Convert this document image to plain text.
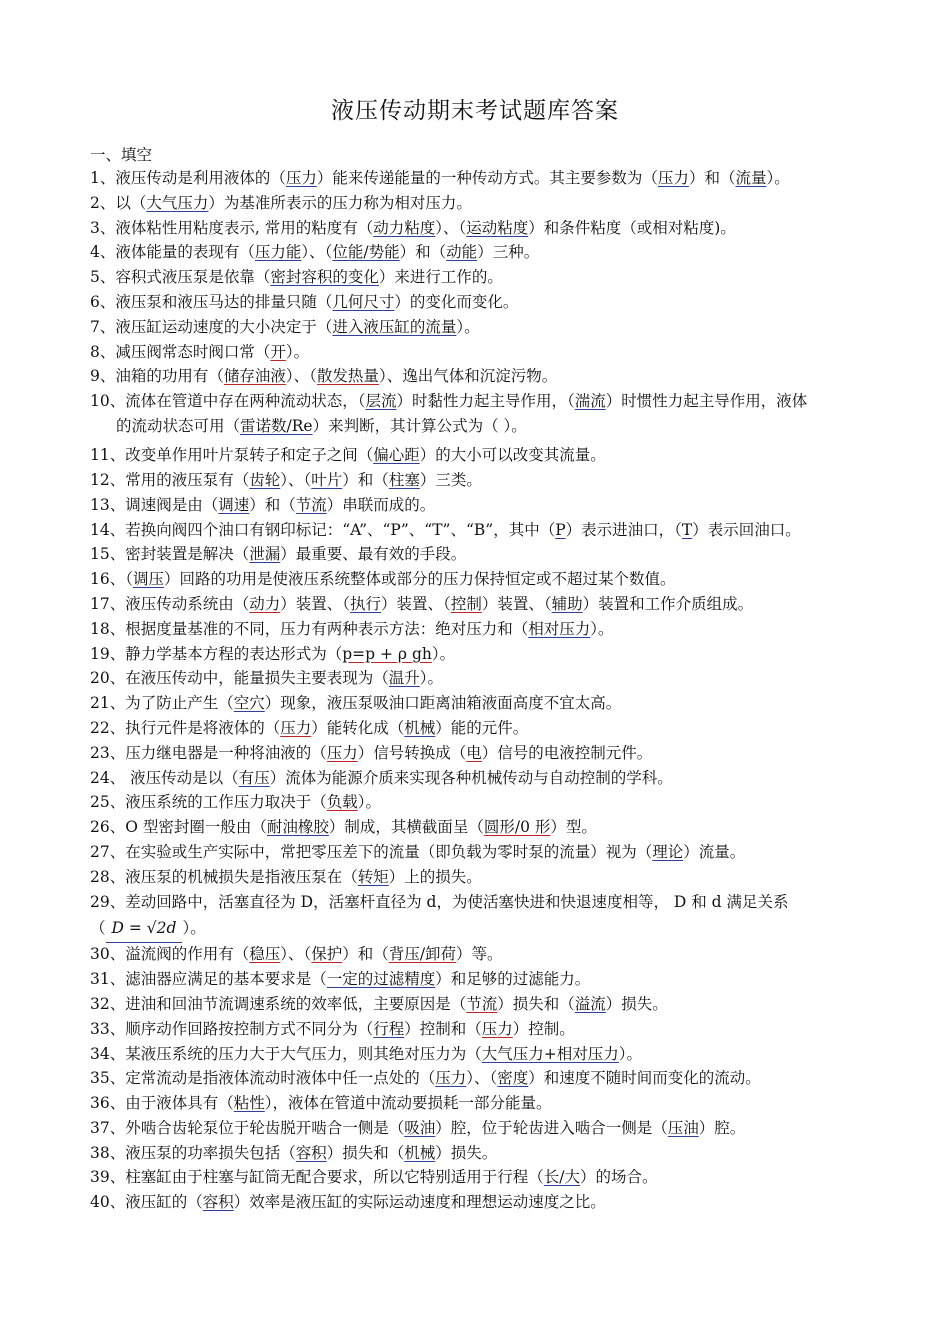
液压传动期末考试题库答案
一、填空
1、液压传动是利用液体的（压力）能来传递能量的一种传动方式。其主要参数为（压力）和（流量）。
2、以（大气压力）为基准所表示的压力称为相对压力。
3、液体粘性用粘度表示, 常用的粘度有（动力粘度）、（运动粘度）和条件粘度（或相对粘度)。
4、液体能量的表现有（压力能）、（位能/势能）和（动能）三种。
5、容积式液压泵是依靠（密封容积的变化）来进行工作的。
6、液压泵和液压马达的排量只随（几何尺寸）的变化而变化。
7、液压缸运动速度的大小决定于（进入液压缸的流量）。
8、减压阀常态时阀口常（开）。
9、油箱的功用有（储存油液）、（散发热量）、逸出气体和沉淀污物。
10、流体在管道中存在两种流动状态，（层流）时黏性力起主导作用，（湍流）时惯性力起主导作用，液体
的流动状态可用（雷诺数/Re）来判断，其计算公式为（ ）。
11、改变单作用叶片泵转子和定子之间（偏心距）的大小可以改变其流量。
12、常用的液压泵有（齿轮）、（叶片）和（柱塞）三类。
13、调速阀是由（调速）和（节流）串联而成的。
14、若换向阀四个油口有钢印标记：“A”、“P”、“T”、“B”，其中（P）表示进油口，（T）表示回油口。
15、密封装置是解决（泄漏）最重要、最有效的手段。
16、（调压）回路的功用是使液压系统整体或部分的压力保持恒定或不超过某个数值。
17、液压传动系统由（动力）装置、（执行）装置、（控制）装置、（辅助）装置和工作介质组成。
18、根据度量基准的不同，压力有两种表示方法：绝对压力和（相对压力）。
19、静力学基本方程的表达形式为（p=p + ρ gh）。
20、在液压传动中，能量损失主要表现为（温升）。
21、为了防止产生（空穴）现象，液压泵吸油口距离油箱液面高度不宜太高。
22、执行元件是将液体的（压力）能转化成（机械）能的元件。
23、压力继电器是一种将油液的（压力）信号转换成（电）信号的电液控制元件。
24、 液压传动是以（有压）流体为能源介质来实现各种机械传动与自动控制的学科。
25、液压系统的工作压力取决于（负载）。
26、O 型密封圈一般由（耐油橡胶）制成，其横截面呈（圆形/0 形）型。
27、在实验或生产实际中，常把零压差下的流量（即负载为零时泵的流量）视为（理论）流量。
28、液压泵的机械损失是指液压泵在（转矩）上的损失。
29、差动回路中，活塞直径为 D，活塞杆直径为 d，为使活塞快进和快退速度相等， D 和 d 满足关系
（ D = √2d ）。
30、溢流阀的作用有（稳压）、（保护）和（背压/卸荷）等。
31、滤油器应满足的基本要求是（一定的过滤精度）和足够的过滤能力。
32、进油和回油节流调速系统的效率低，主要原因是（节流）损失和（溢流）损失。
33、顺序动作回路按控制方式不同分为（行程）控制和（压力）控制。
34、某液压系统的压力大于大气压力，则其绝对压力为（大气压力+相对压力）。
35、定常流动是指液体流动时液体中任一点处的（压力）、（密度）和速度不随时间而变化的流动。
36、由于液体具有（粘性），液体在管道中流动要损耗一部分能量。
37、外啮合齿轮泵位于轮齿脱开啮合一侧是（吸油）腔，位于轮齿进入啮合一侧是（压油）腔。
38、液压泵的功率损失包括（容积）损失和（机械）损失。
39、柱塞缸由于柱塞与缸筒无配合要求，所以它特别适用于行程（长/大）的场合。
40、液压缸的（容积）效率是液压缸的实际运动速度和理想运动速度之比。
